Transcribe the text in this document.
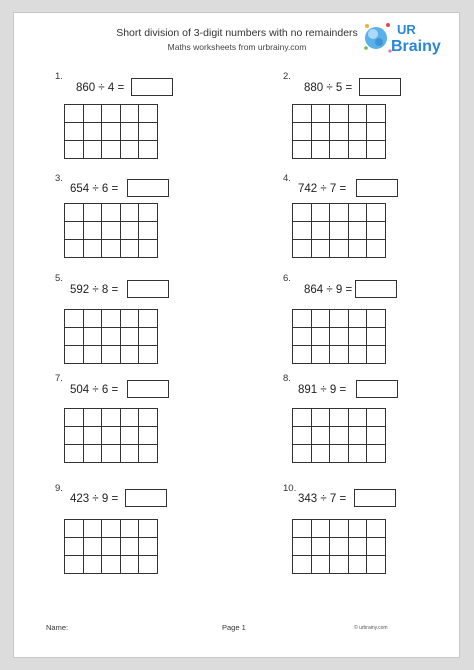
Short division of 3-digit numbers with no remainders
Maths worksheets from urbrainy.com
UR
Brainy
1.
860 ÷ 4 =
2.
880 ÷ 5 =
3.
654 ÷ 6 =
4.
742 ÷ 7 =
5.
592 ÷ 8 =
6.
864 ÷ 9 =
7.
504 ÷ 6 =
8.
891 ÷ 9 =
9.
423 ÷ 9 =
10.
343 ÷ 7 =
Name:	Page 1	© urbrainy.com
